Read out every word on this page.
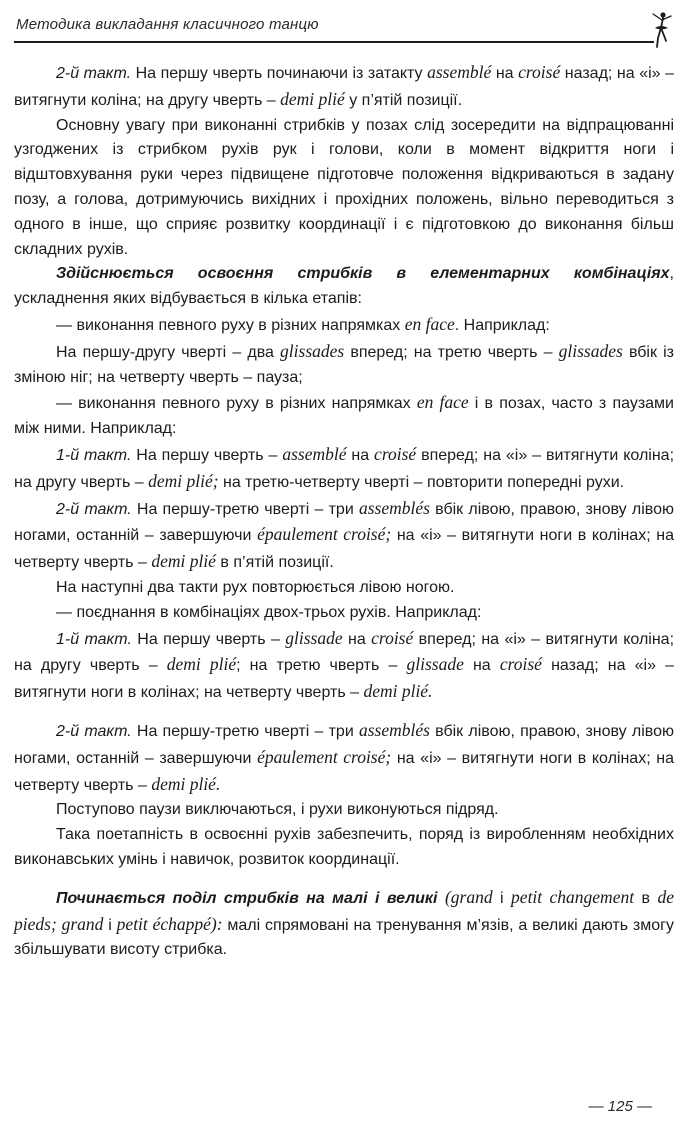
Методика викладання класичного танцю

2-й такт. На першу чверть починаючи із затакту assemblé на croisé назад; на «і» – витягнути коліна; на другу чверть – demi plié у п’ятій позиції.

Основну увагу при виконанні стрибків у позах слід зосередити на відпрацюванні узгоджених із стрибком рухів рук і голови, коли в момент відкриття ноги і відштовхування руки через підвищене підготовче положення відкриваються в задану позу, а голова, дотримуючись вихідних і прохідних положень, вільно переводиться з одного в інше, що сприяє розвитку координації і є підготовкою до виконання більш складних рухів.

Здійснюється освоєння стрибків в елементарних комбінаціях, ускладнення яких відбувається в кілька етапів:

— виконання певного руху в різних напрямках en face. Наприклад:

На першу-другу чверті – два glissades вперед; на третю чверть – glissades вбік із зміною ніг; на четверту чверть – пауза;

— виконання певного руху в різних напрямках en face і в позах, часто з паузами між ними. Наприклад:

1-й такт. На першу чверть – assemblé на croisé вперед; на «і» – витягнути коліна; на другу чверть – demi plié; на третю-четверту чверті – повторити попередні рухи.

2-й такт. На першу-третю чверті – три assemblés вбік лівою, правою, знову лівою ногами, останній – завершуючи épaulement croisé; на «і» – витягнути ноги в колінах; на четверту чверть – demi plié в п’ятій позиції.

На наступні два такти рух повторюється лівою ногою.

— поєднання в комбінаціях двох-трьох рухів. Наприклад:

1-й такт. На першу чверть – glissade на croisé вперед; на «і» – витягнути коліна; на другу чверть – demi plié; на третю чверть – glissade на croisé назад; на «і» – витягнути ноги в колінах; на четверту чверть – demi plié.

2-й такт. На першу-третю чверті – три assemblés вбік лівою, правою, знову лівою ногами, останній – завершуючи épaulement croisé; на «і» – витягнути ноги в колінах; на четверту чверть – demi plié.

Поступово паузи виключаються, і рухи виконуються підряд.

Така поетапність в освоєнні рухів забезпечить, поряд із виробленням необхідних виконавських умінь і навичок, розвиток координації.

Починається поділ стрибків на малі і великі (grand і petit changement в de pieds; grand і petit échappé): малі спрямовані на тренування м’язів, а великі дають змогу збільшувати висоту стрибка.

— 125 —
